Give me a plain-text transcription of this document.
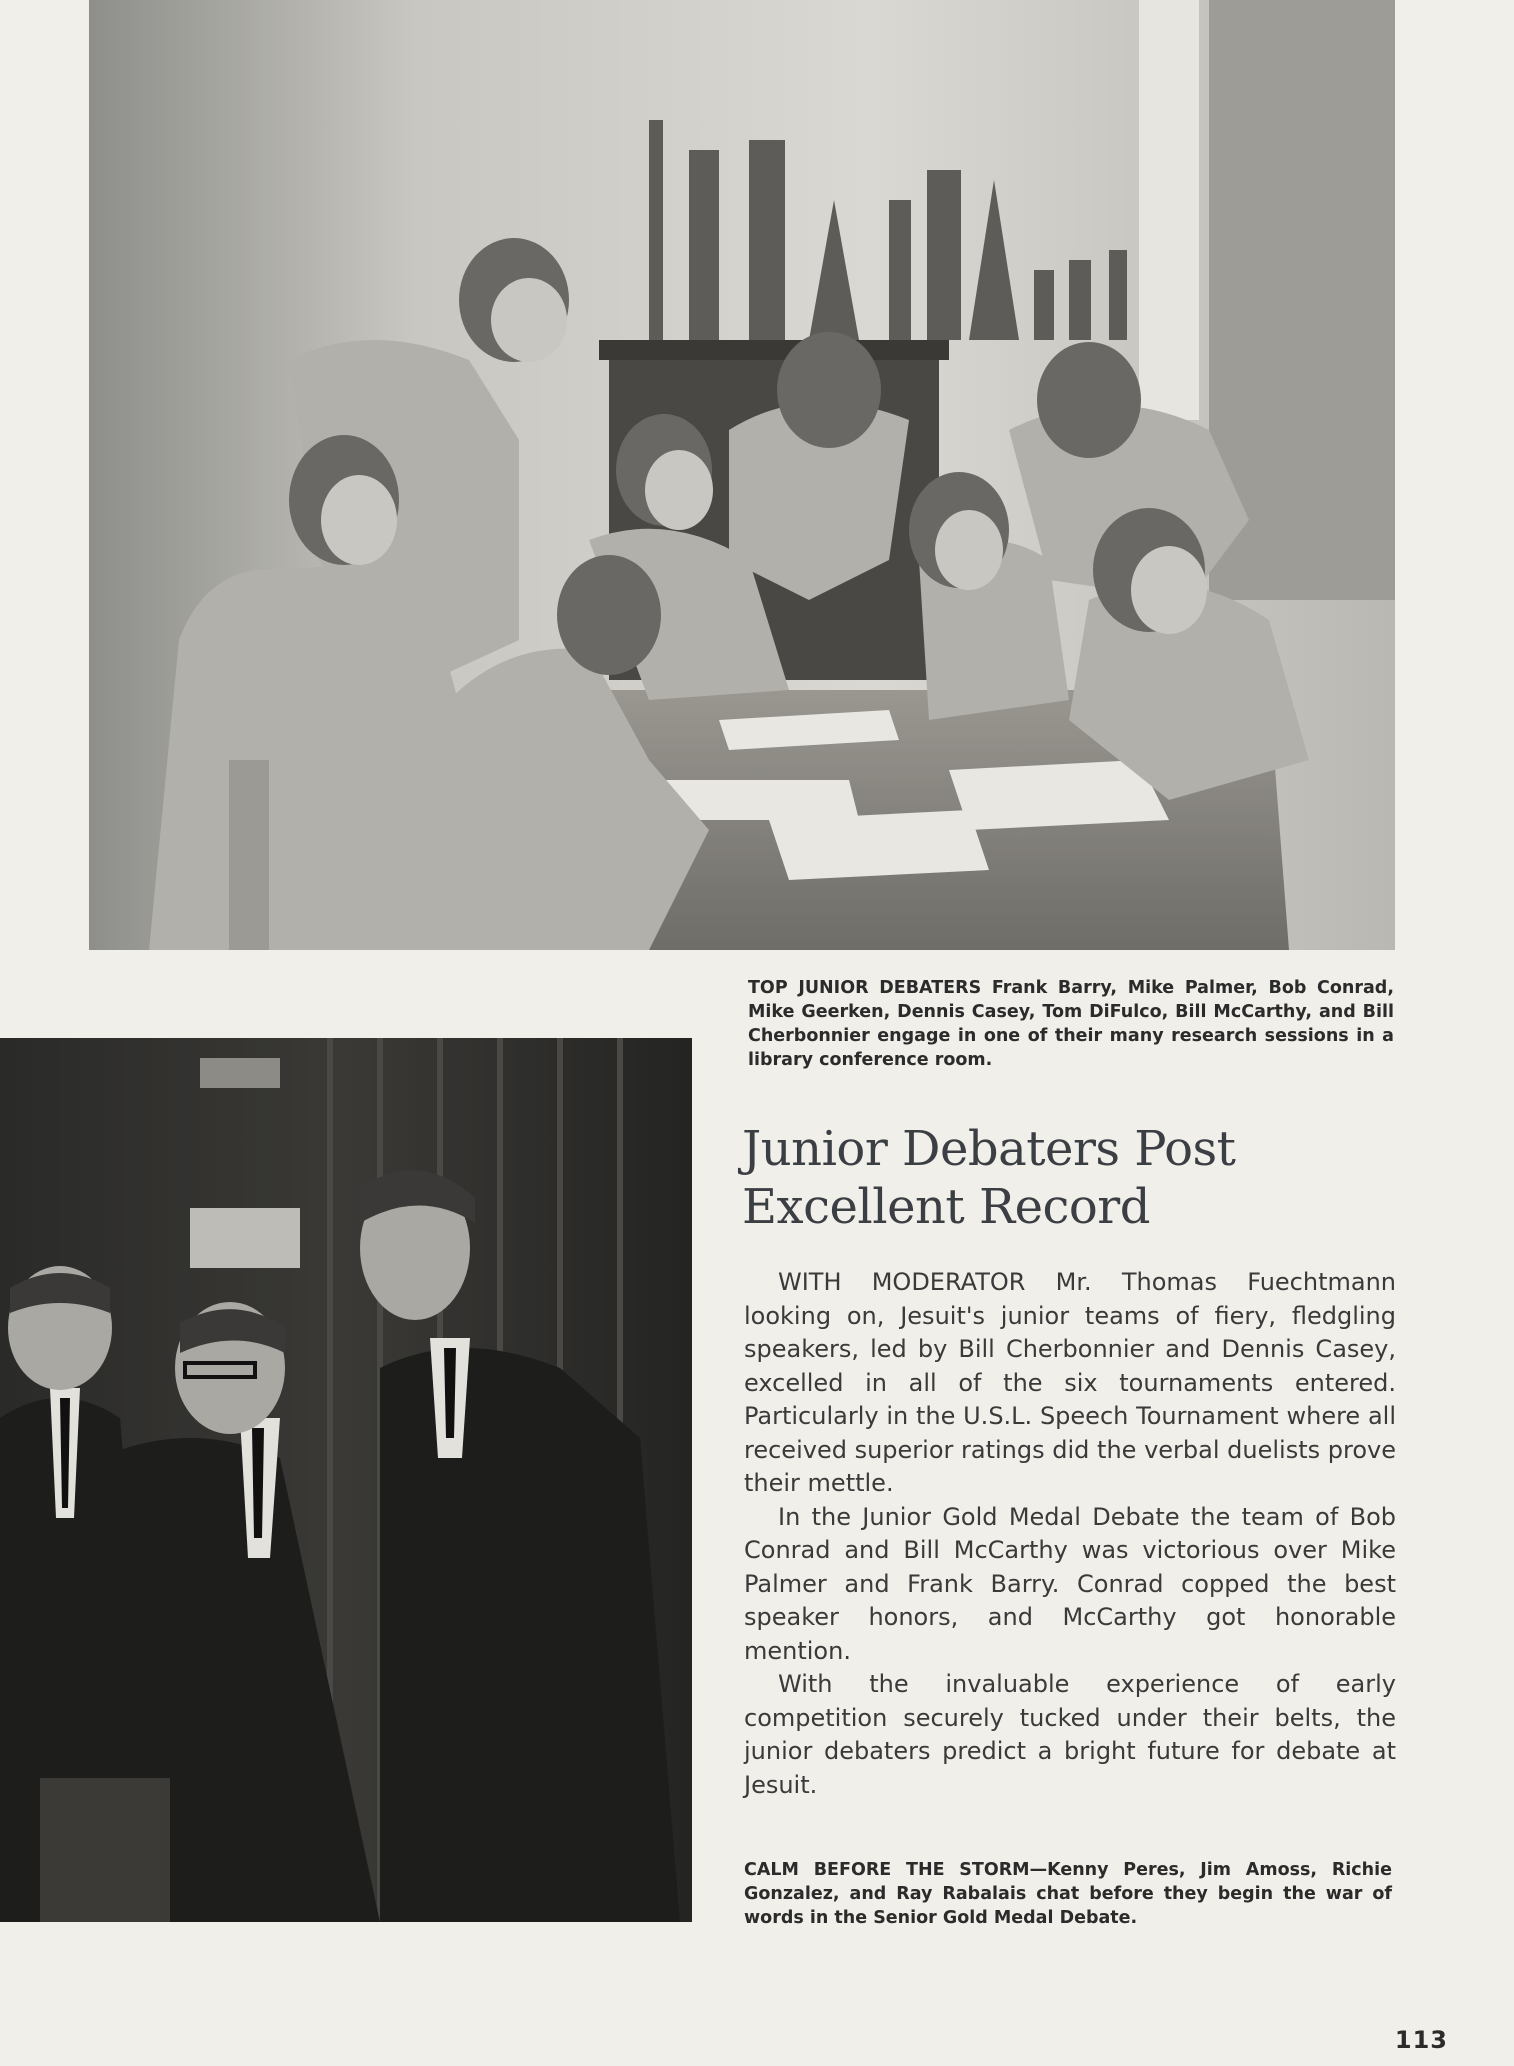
TOP JUNIOR DEBATERS Frank Barry, Mike Palmer, Bob Conrad, Mike Geerken, Dennis Casey, Tom DiFulco, Bill McCarthy, and Bill Cherbonnier engage in one of their many research sessions in a library conference room.

Junior Debaters Post
Excellent Record

WITH MODERATOR Mr. Thomas Fuechtmann looking on, Jesuit's junior teams of fiery, fledgling speakers, led by Bill Cherbonnier and Dennis Casey, excelled in all of the six tournaments entered. Particularly in the U.S.L. Speech Tournament where all received superior ratings did the verbal duelists prove their mettle.

In the Junior Gold Medal Debate the team of Bob Conrad and Bill McCarthy was victorious over Mike Palmer and Frank Barry. Conrad copped the best speaker honors, and McCarthy got honorable mention.

With the invaluable experience of early competition securely tucked under their belts, the junior debaters predict a bright future for debate at Jesuit.

CALM BEFORE THE STORM—Kenny Peres, Jim Amoss, Richie Gonzalez, and Ray Rabalais chat before they begin the war of words in the Senior Gold Medal Debate.

113
